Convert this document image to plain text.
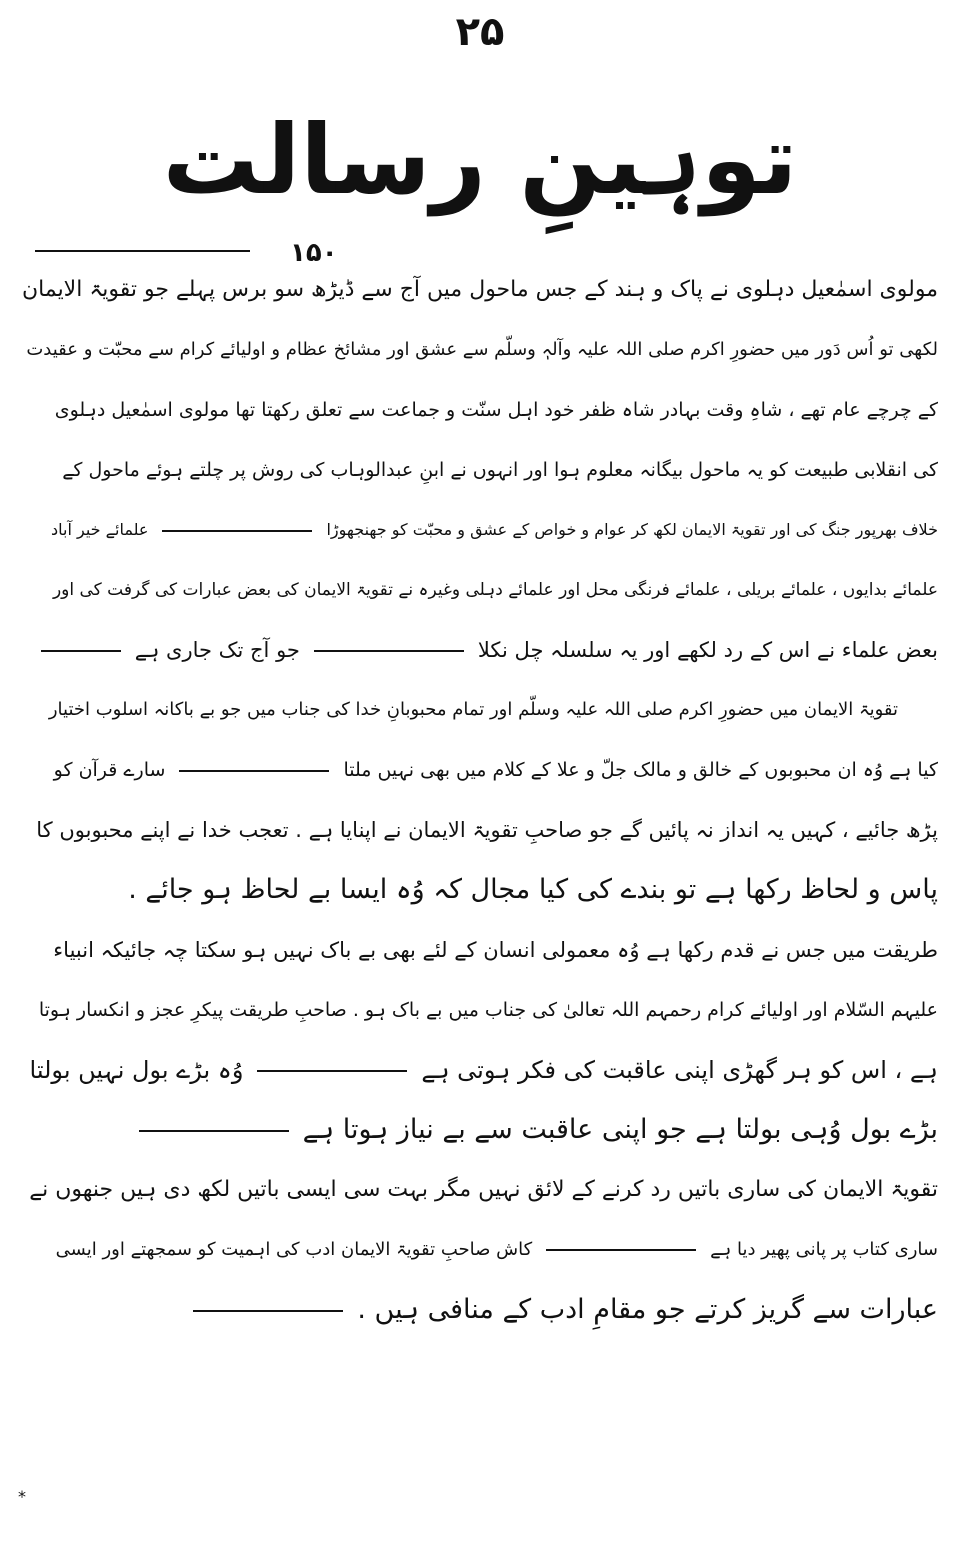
۲۵
توہینِ رسالت
۱۵۰
مولوی اسمٰعیل دہلوی نے پاک و ہند کے جس ماحول میں آج سے ڈیڑھ سو برس پہلے جو تقویۃ الایمان
لکھی تو اُس دَور میں حضورِ اکرم صلی اللہ علیہ وآلہٖ وسلّم سے عشق اور مشائخ عظام و اولیائے کرام سے محبّت و عقیدت
کے چرچے عام تھے ، شاہِ وقت بہادر شاہ ظفر خود اہل سنّت و جماعت سے تعلق رکھتا تھا مولوی اسمٰعیل دہلوی
کی انقلابی طبیعت کو یہ ماحول بیگانہ معلوم ہوا اور انہوں نے ابنِ عبدالوہاب کی روش پر چلتے ہوئے ماحول کے
خلاف بھرپور جنگ کی اور تقویۃ الایمان لکھ کر عوام و خواص کے عشق و محبّت کو جھنجھوڑاعلمائے خیر آباد
علمائے بدایوں ، علمائے بریلی ، علمائے فرنگی محل اور علمائے دہلی وغیرہ نے تقویۃ الایمان کی بعض عبارات کی گرفت کی اور
بعض علماء نے اس کے رد لکھے اور یہ سلسلہ چل نکلاجو آج تک جاری ہے
تقویۃ الایمان میں حضورِ اکرم صلی اللہ علیہ وسلّم اور تمام محبوبانِ خدا کی جناب میں جو بے باکانہ اسلوب اختیار
کیا ہے وُہ ان محبوبوں کے خالق و مالک جلّ و علا کے کلام میں بھی نہیں ملتاسارے قرآن کو
پڑھ جائیے ، کہیں یہ انداز نہ پائیں گے جو صاحبِ تقویۃ الایمان نے اپنایا ہے . تعجب خدا نے اپنے محبوبوں کا
پاس و لحاظ رکھا ہے تو بندے کی کیا مجال کہ وُہ ایسا بے لحاظ ہو جائے .
طریقت میں جس نے قدم رکھا ہے وُہ معمولی انسان کے لئے بھی بے باک نہیں ہو سکتا چہ جائیکہ انبیاء
علیہم السّلام اور اولیائے کرام رحمہم اللہ تعالیٰ کی جناب میں بے باک ہو . صاحبِ طریقت پیکرِ عجز و انکسار ہوتا
ہے ، اس کو ہر گھڑی اپنی عاقبت کی فکر ہوتی ہےوُہ بڑے بول نہیں بولتا
بڑے بول وُہی بولتا ہے جو اپنی عاقبت سے بے نیاز ہوتا ہے
تقویۃ الایمان کی ساری باتیں رد کرنے کے لائق نہیں مگر بہت سی ایسی باتیں لکھ دی ہیں جنھوں نے
ساری کتاب پر پانی پھیر دیا ہےکاش صاحبِ تقویۃ الایمان ادب کی اہمیت کو سمجھتے اور ایسی
عبارات سے گریز کرتے جو مقامِ ادب کے منافی ہیں .
*
